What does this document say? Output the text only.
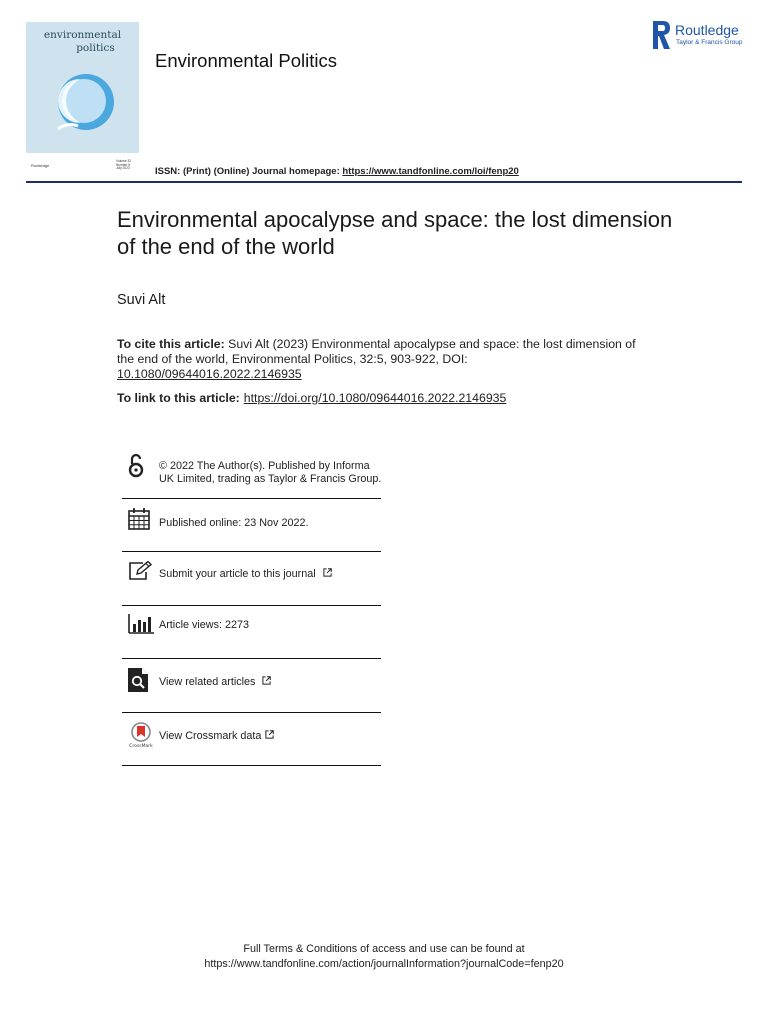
environmental
politics
Routledge
Volume 32
Number 5
July 2023
Environmental Politics
Routledge
Taylor & Francis Group
ISSN: (Print) (Online) Journal homepage: https://www.tandfonline.com/loi/fenp20
Environmental apocalypse and space: the lost dimension of the end of the world
Suvi Alt
To cite this article: Suvi Alt (2023) Environmental apocalypse and space: the lost dimension of the end of the world, Environmental Politics, 32:5, 903-922, DOI: 10.1080/09644016.2022.2146935
To link to this article: https://doi.org/10.1080/09644016.2022.2146935
© 2022 The Author(s). Published by Informa UK Limited, trading as Taylor & Francis Group.
Published online: 23 Nov 2022.
Submit your article to this journal
Article views: 2273
View related articles
CrossMark
View Crossmark data
Full Terms & Conditions of access and use can be found at
https://www.tandfonline.com/action/journalInformation?journalCode=fenp20
